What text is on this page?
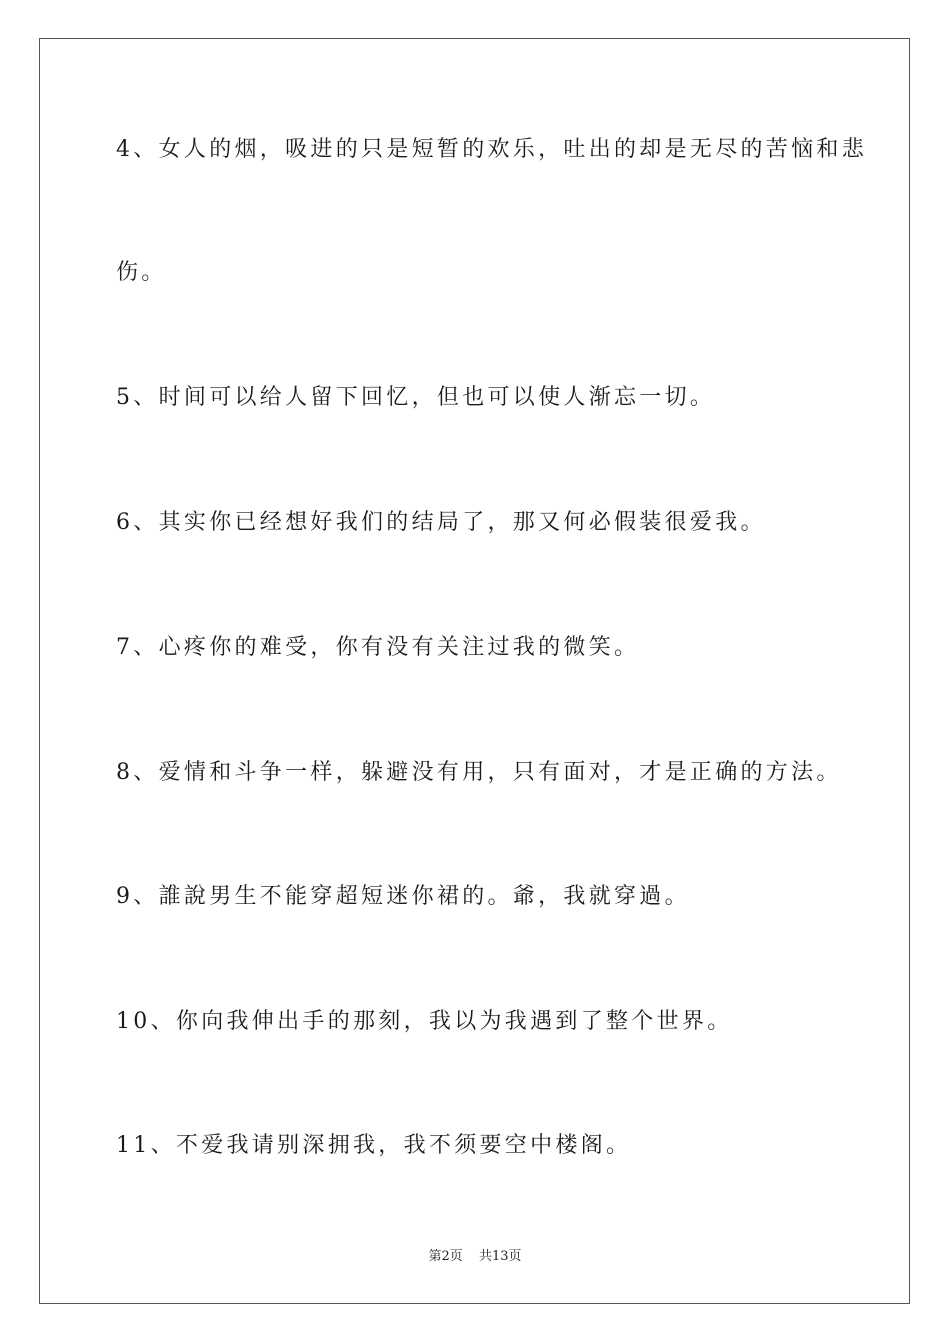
4、女人的烟，吸进的只是短暂的欢乐，吐出的却是无尽的苦恼和悲
伤。
5、时间可以给人留下回忆，但也可以使人渐忘一切。
6、其实你已经想好我们的结局了，那又何必假装很爱我。
7、心疼你的难受，你有没有关注过我的微笑。
8、爱情和斗争一样，躲避没有用，只有面对，才是正确的方法。
9、誰說男生不能穿超短迷你裙的。爺，我就穿過。
10、你向我伸出手的那刻，我以为我遇到了整个世界。
11、不爱我请别深拥我，我不须要空中楼阁。
第2页 共13页
